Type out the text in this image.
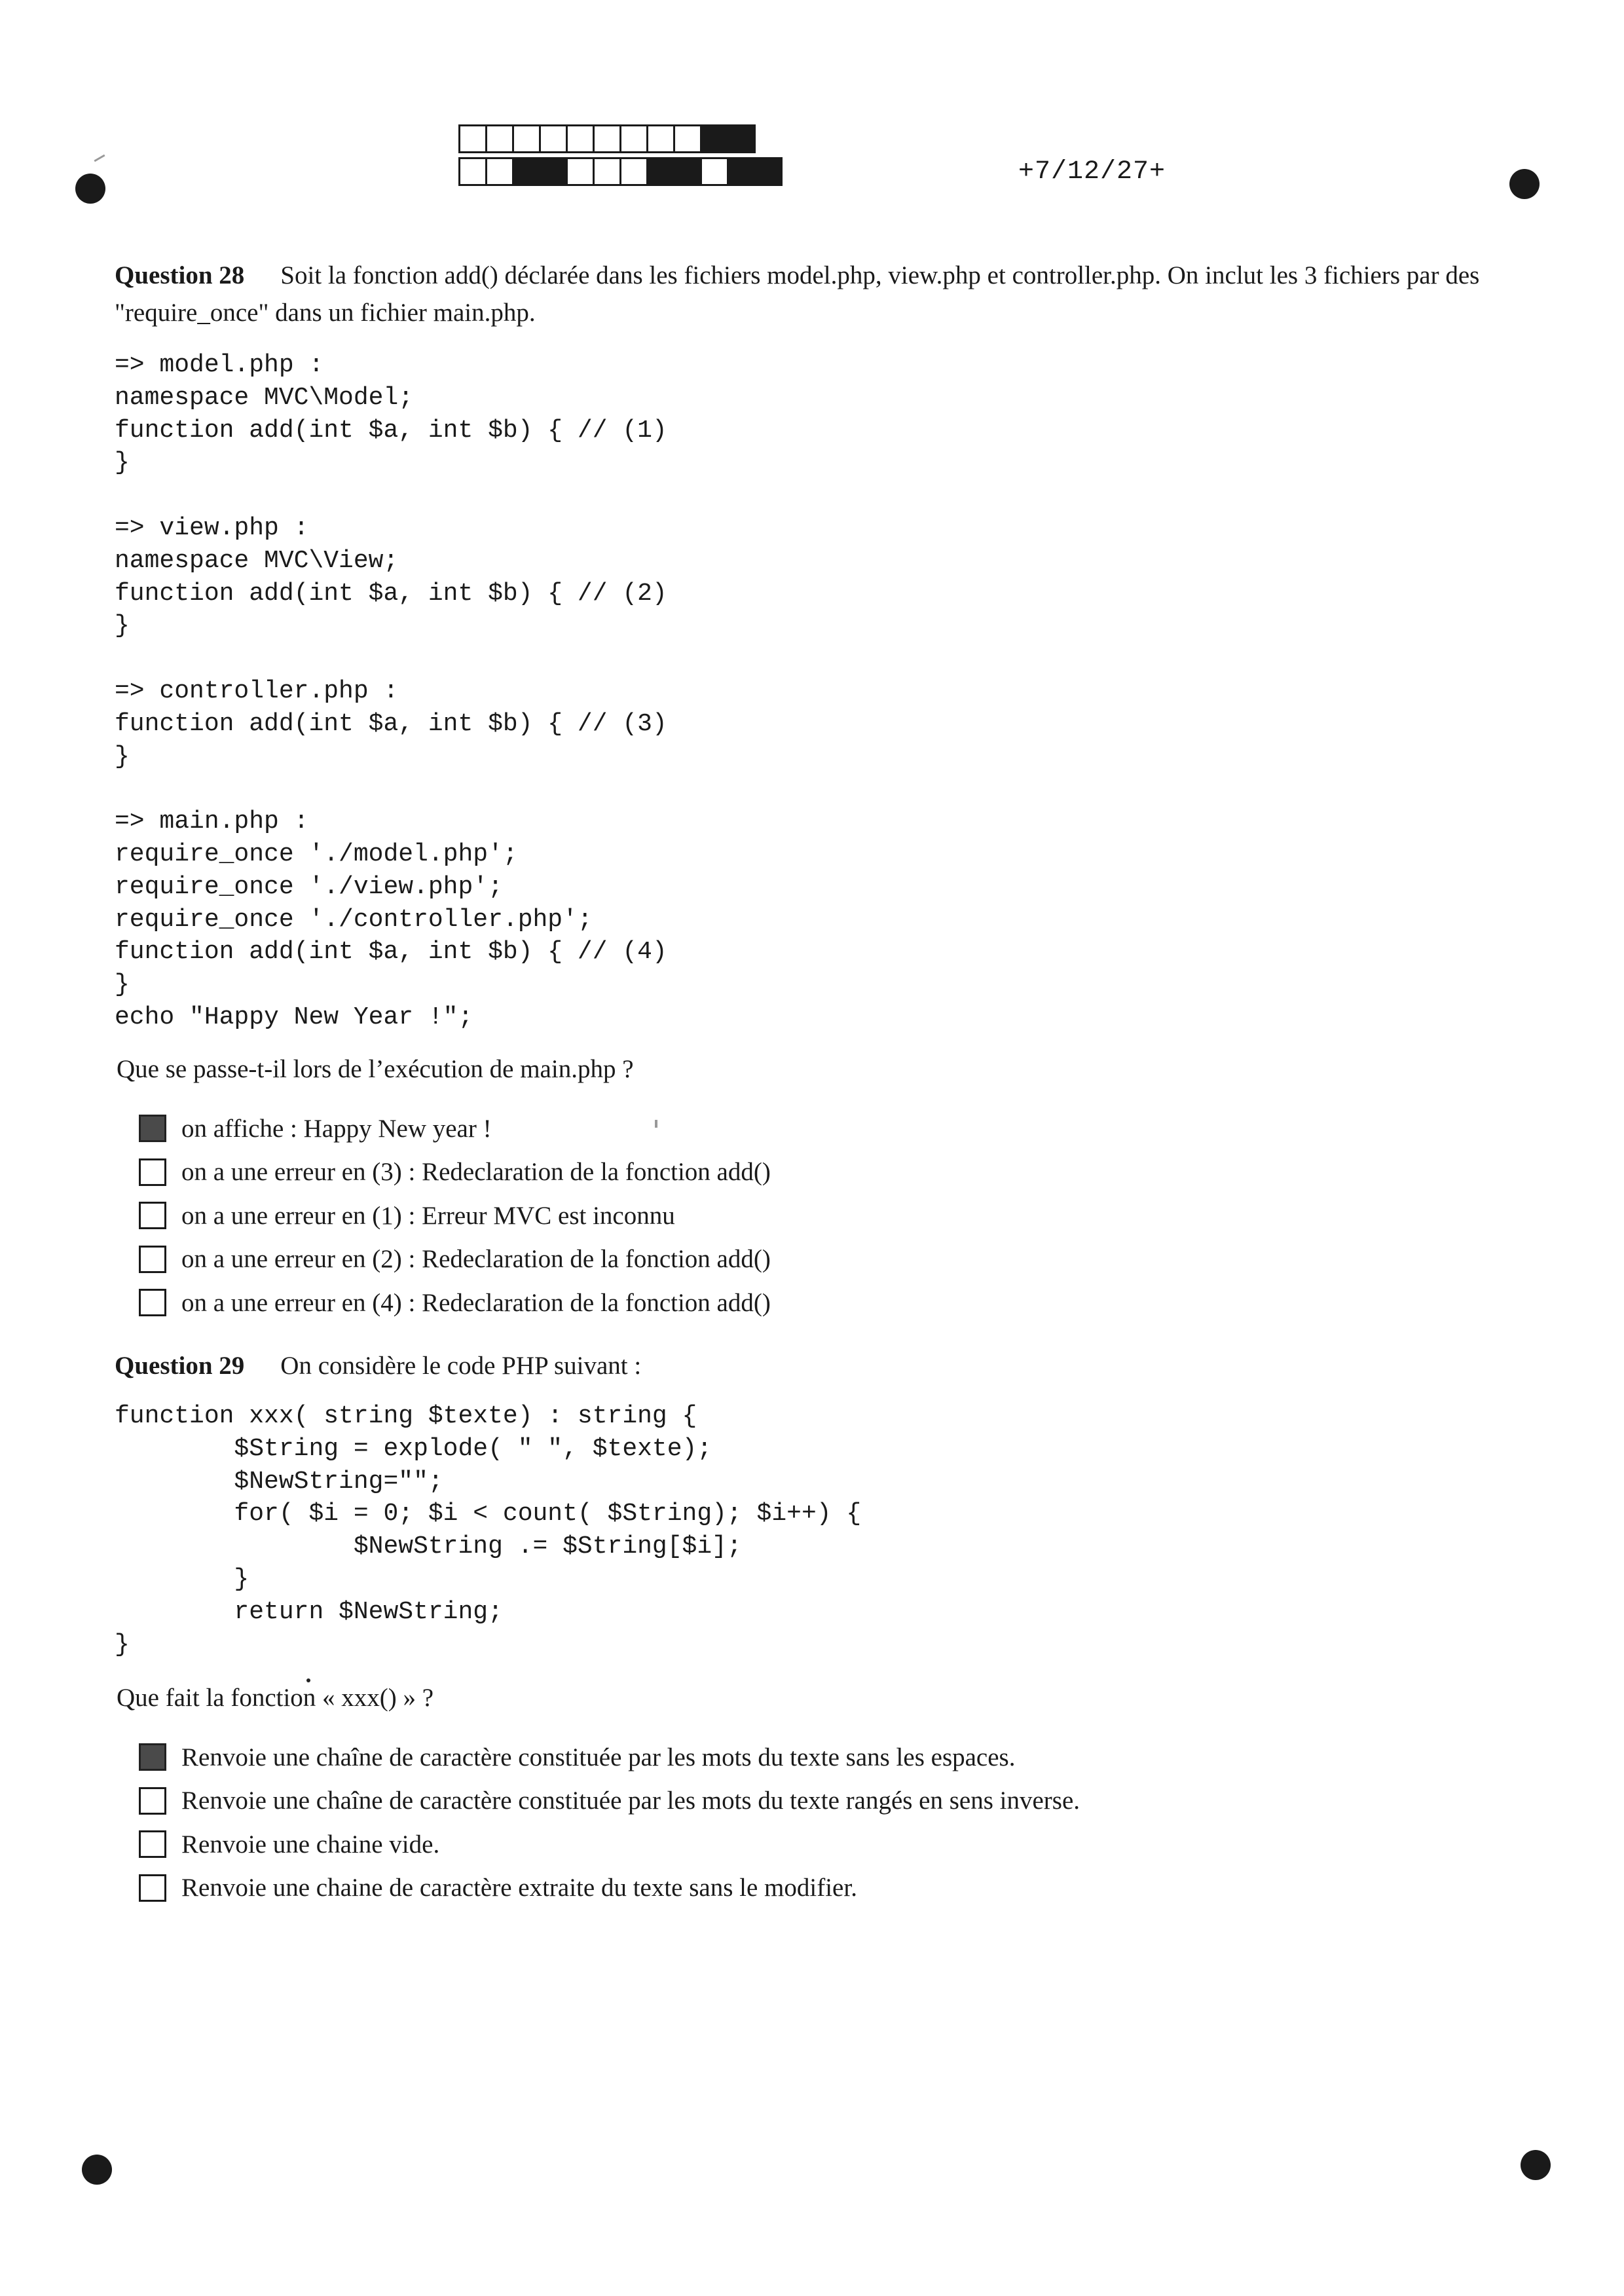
+7/12/27+
Question 28 Soit la fonction add() déclarée dans les fichiers model.php, view.php et controller.php. On inclut les 3 fichiers par des "require_once" dans un fichier main.php.
=> model.php :
namespace MVC\Model;
function add(int $a, int $b) { // (1)
}

=> view.php :
namespace MVC\View;
function add(int $a, int $b) { // (2)
}

=> controller.php :
function add(int $a, int $b) { // (3)
}

=> main.php :
require_once './model.php';
require_once './view.php';
require_once './controller.php';
function add(int $a, int $b) { // (4)
}
echo "Happy New Year !";
Que se passe-t-il lors de l’exécution de main.php ?
on affiche : Happy New year !
on a une erreur en (3) : Redeclaration de la fonction add()
on a une erreur en (1) : Erreur MVC est inconnu
on a une erreur en (2) : Redeclaration de la fonction add()
on a une erreur en (4) : Redeclaration de la fonction add()
Question 29 On considère le code PHP suivant :
function xxx( string $texte) : string {
$String = explode( " ", $texte);
$NewString="";
for( $i = 0; $i < count( $String); $i++) {
$NewString .= $String[$i];
}
return $NewString;
}
Que fait la fonction « xxx() » ?
Renvoie une chaîne de caractère constituée par les mots du texte sans les espaces.
Renvoie une chaîne de caractère constituée par les mots du texte rangés en sens inverse.
Renvoie une chaine vide.
Renvoie une chaine de caractère extraite du texte sans le modifier.
